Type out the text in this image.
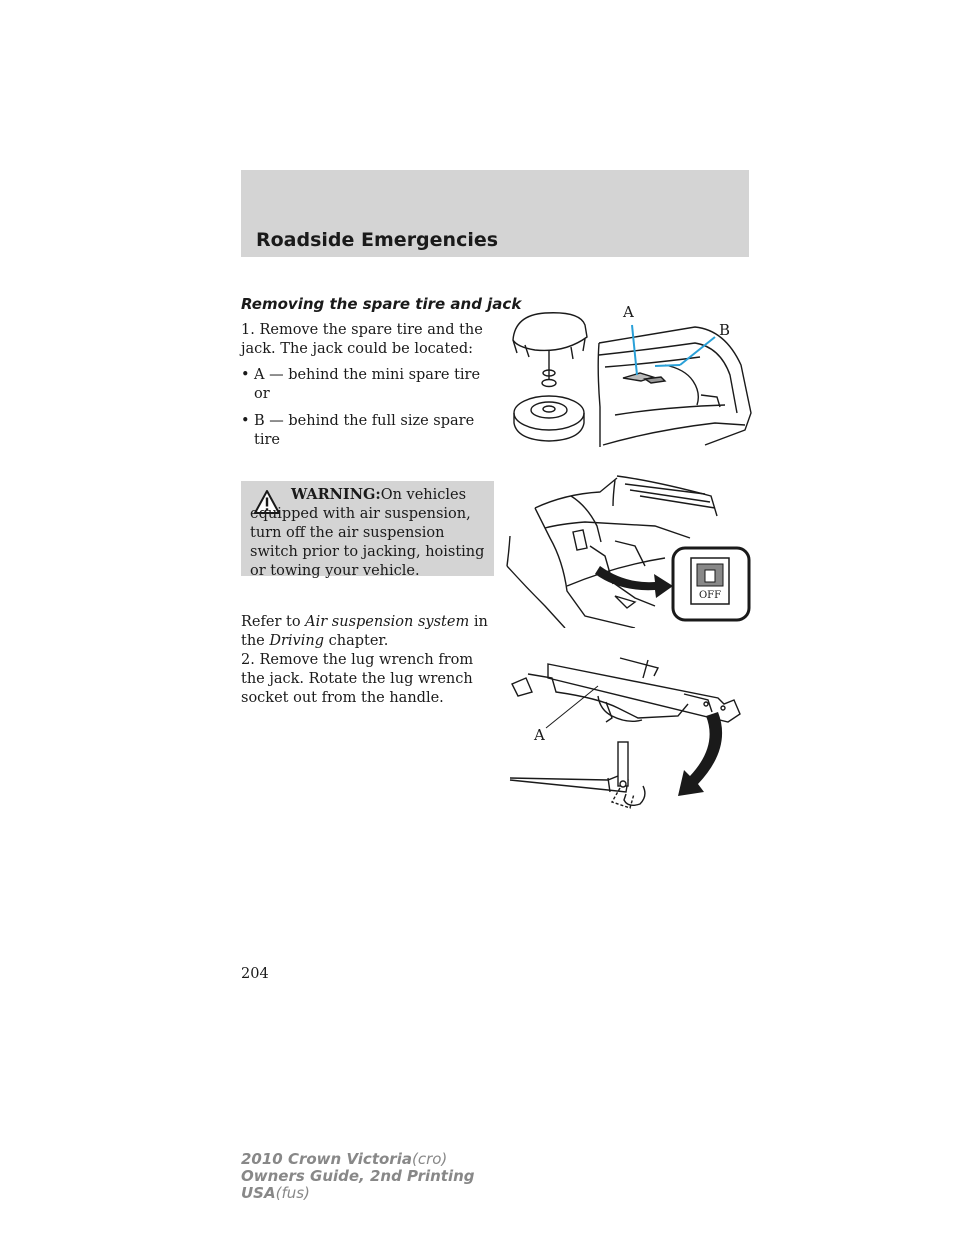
Roadside Emergencies
Removing the spare tire and jack
1. Remove the spare tire and the jack. The jack could be located:
• A — behind the mini spare tire or
• B — behind the full size spare tire
WARNING:On vehicles equipped with air suspension, turn off the air suspension switch prior to jacking, hoisting or towing your vehicle.
Refer to Air suspension system in the Driving chapter.
2. Remove the lug wrench from the jack. Rotate the lug wrench socket out from the handle.
A
B
OFF
A
204
2010 Crown Victoria(cro)
Owners Guide, 2nd Printing
USA(fus)
